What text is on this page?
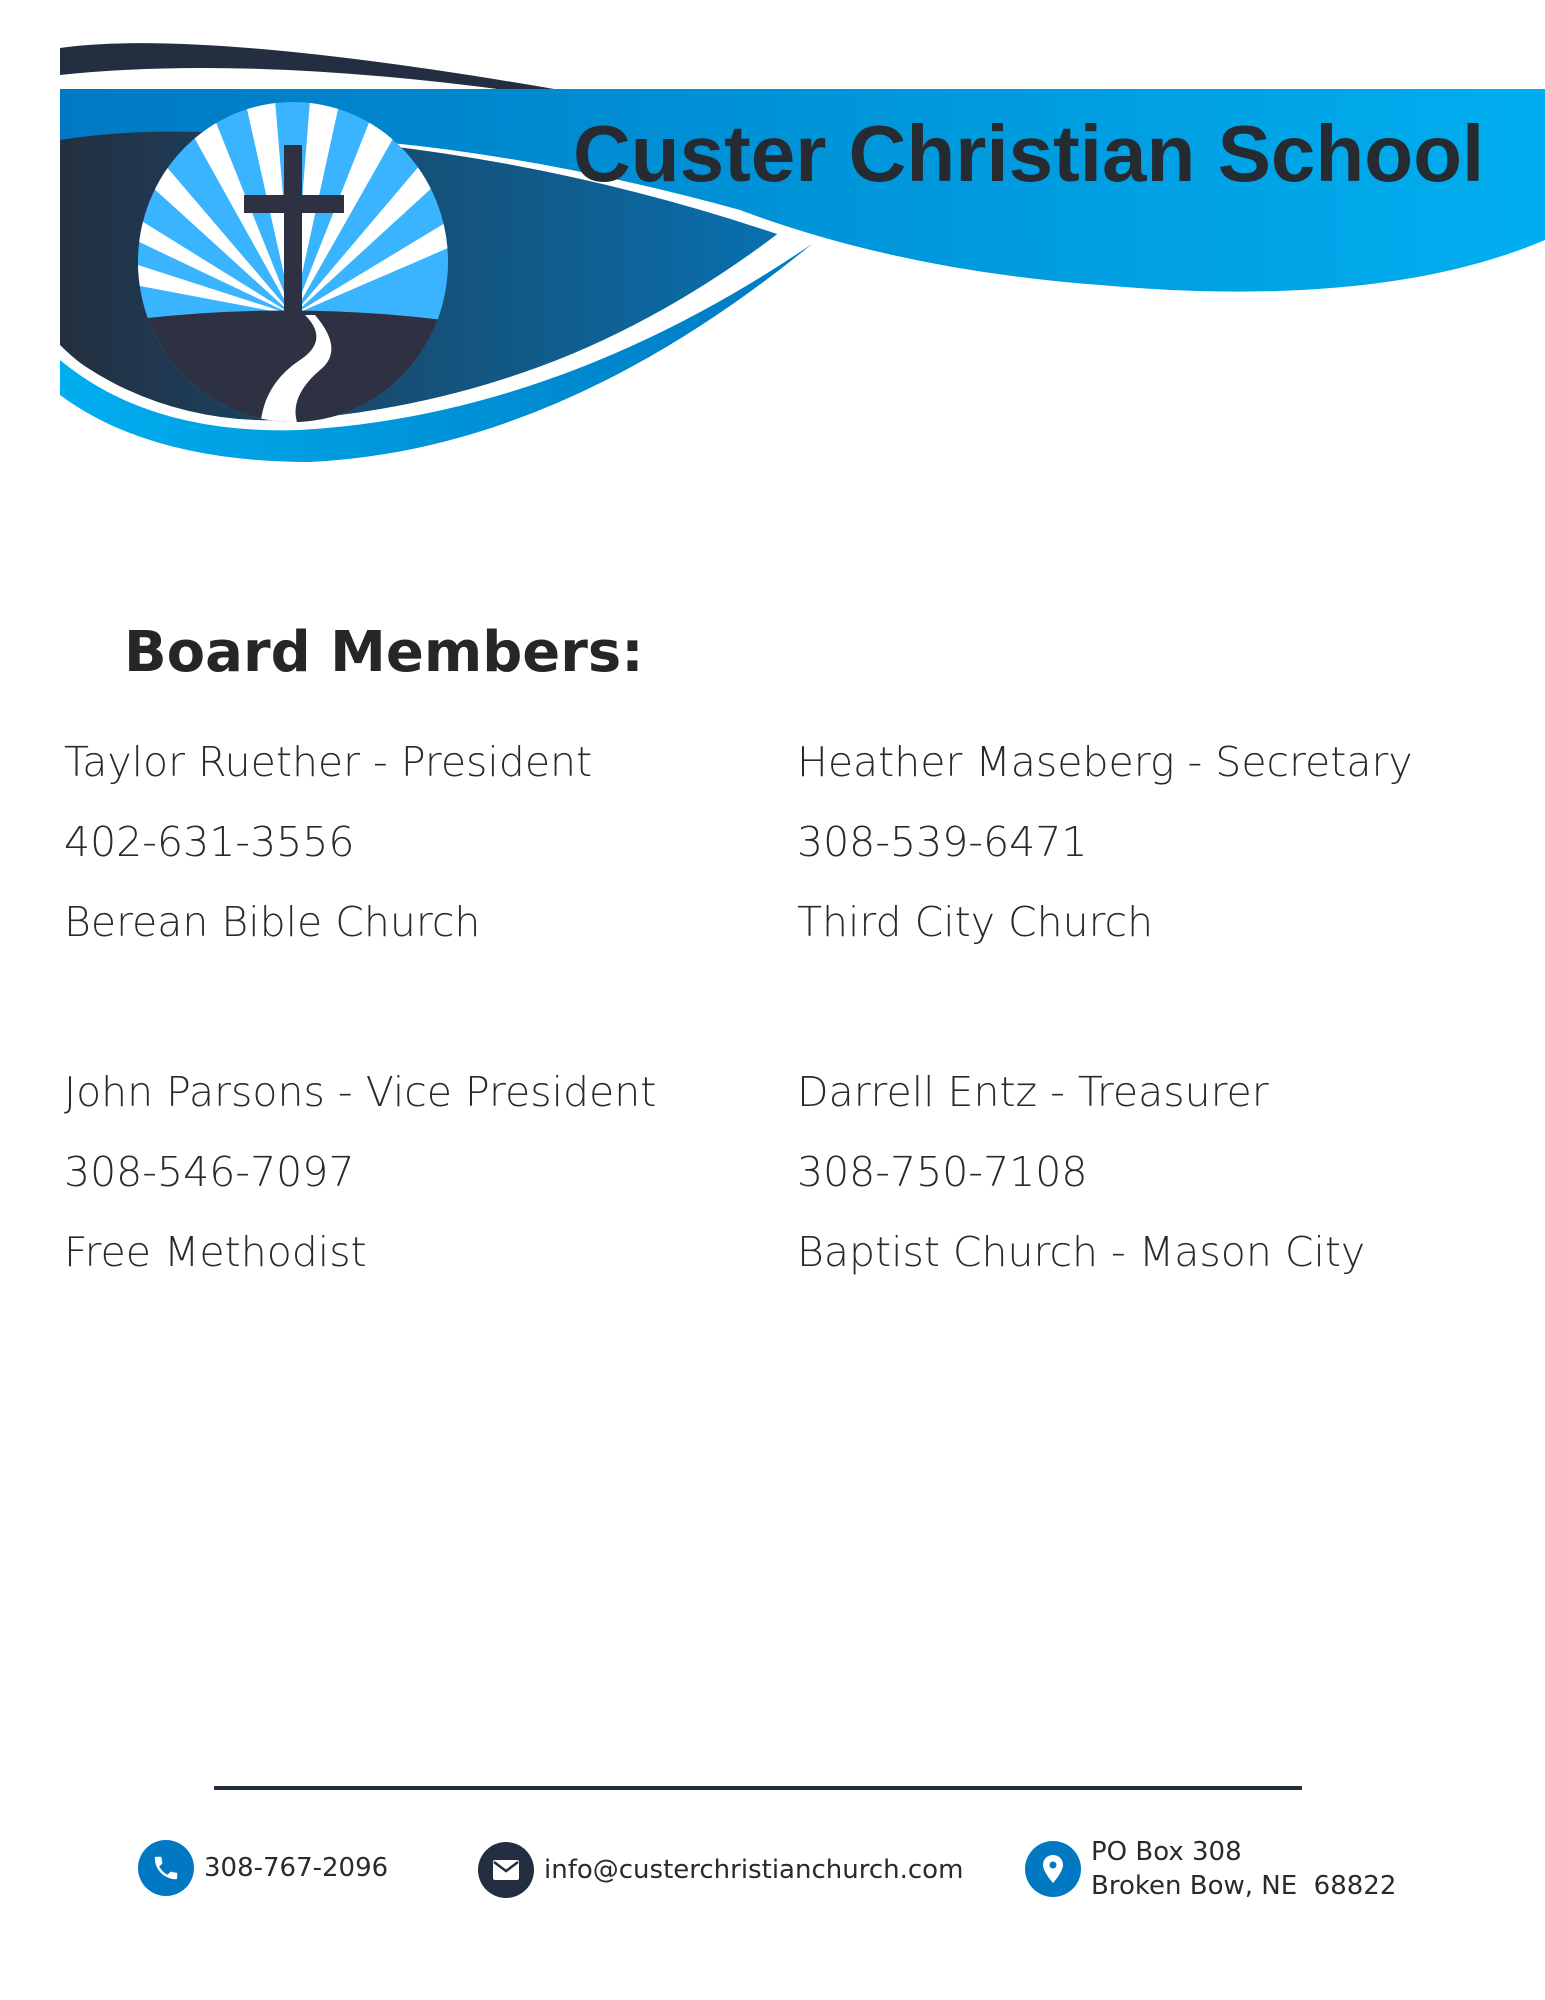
Custer Christian School
Board Members:
Taylor Ruether - President
402-631-3556
Berean Bible Church
Heather Maseberg - Secretary
308-539-6471
Third City Church
John Parsons - Vice President
308-546-7097
Free Methodist
Darrell Entz - Treasurer
308-750-7108
Baptist Church - Mason City
308-767-2096	info@custerchristianchurch.com
PO Box 308
Broken Bow, NE  68822
